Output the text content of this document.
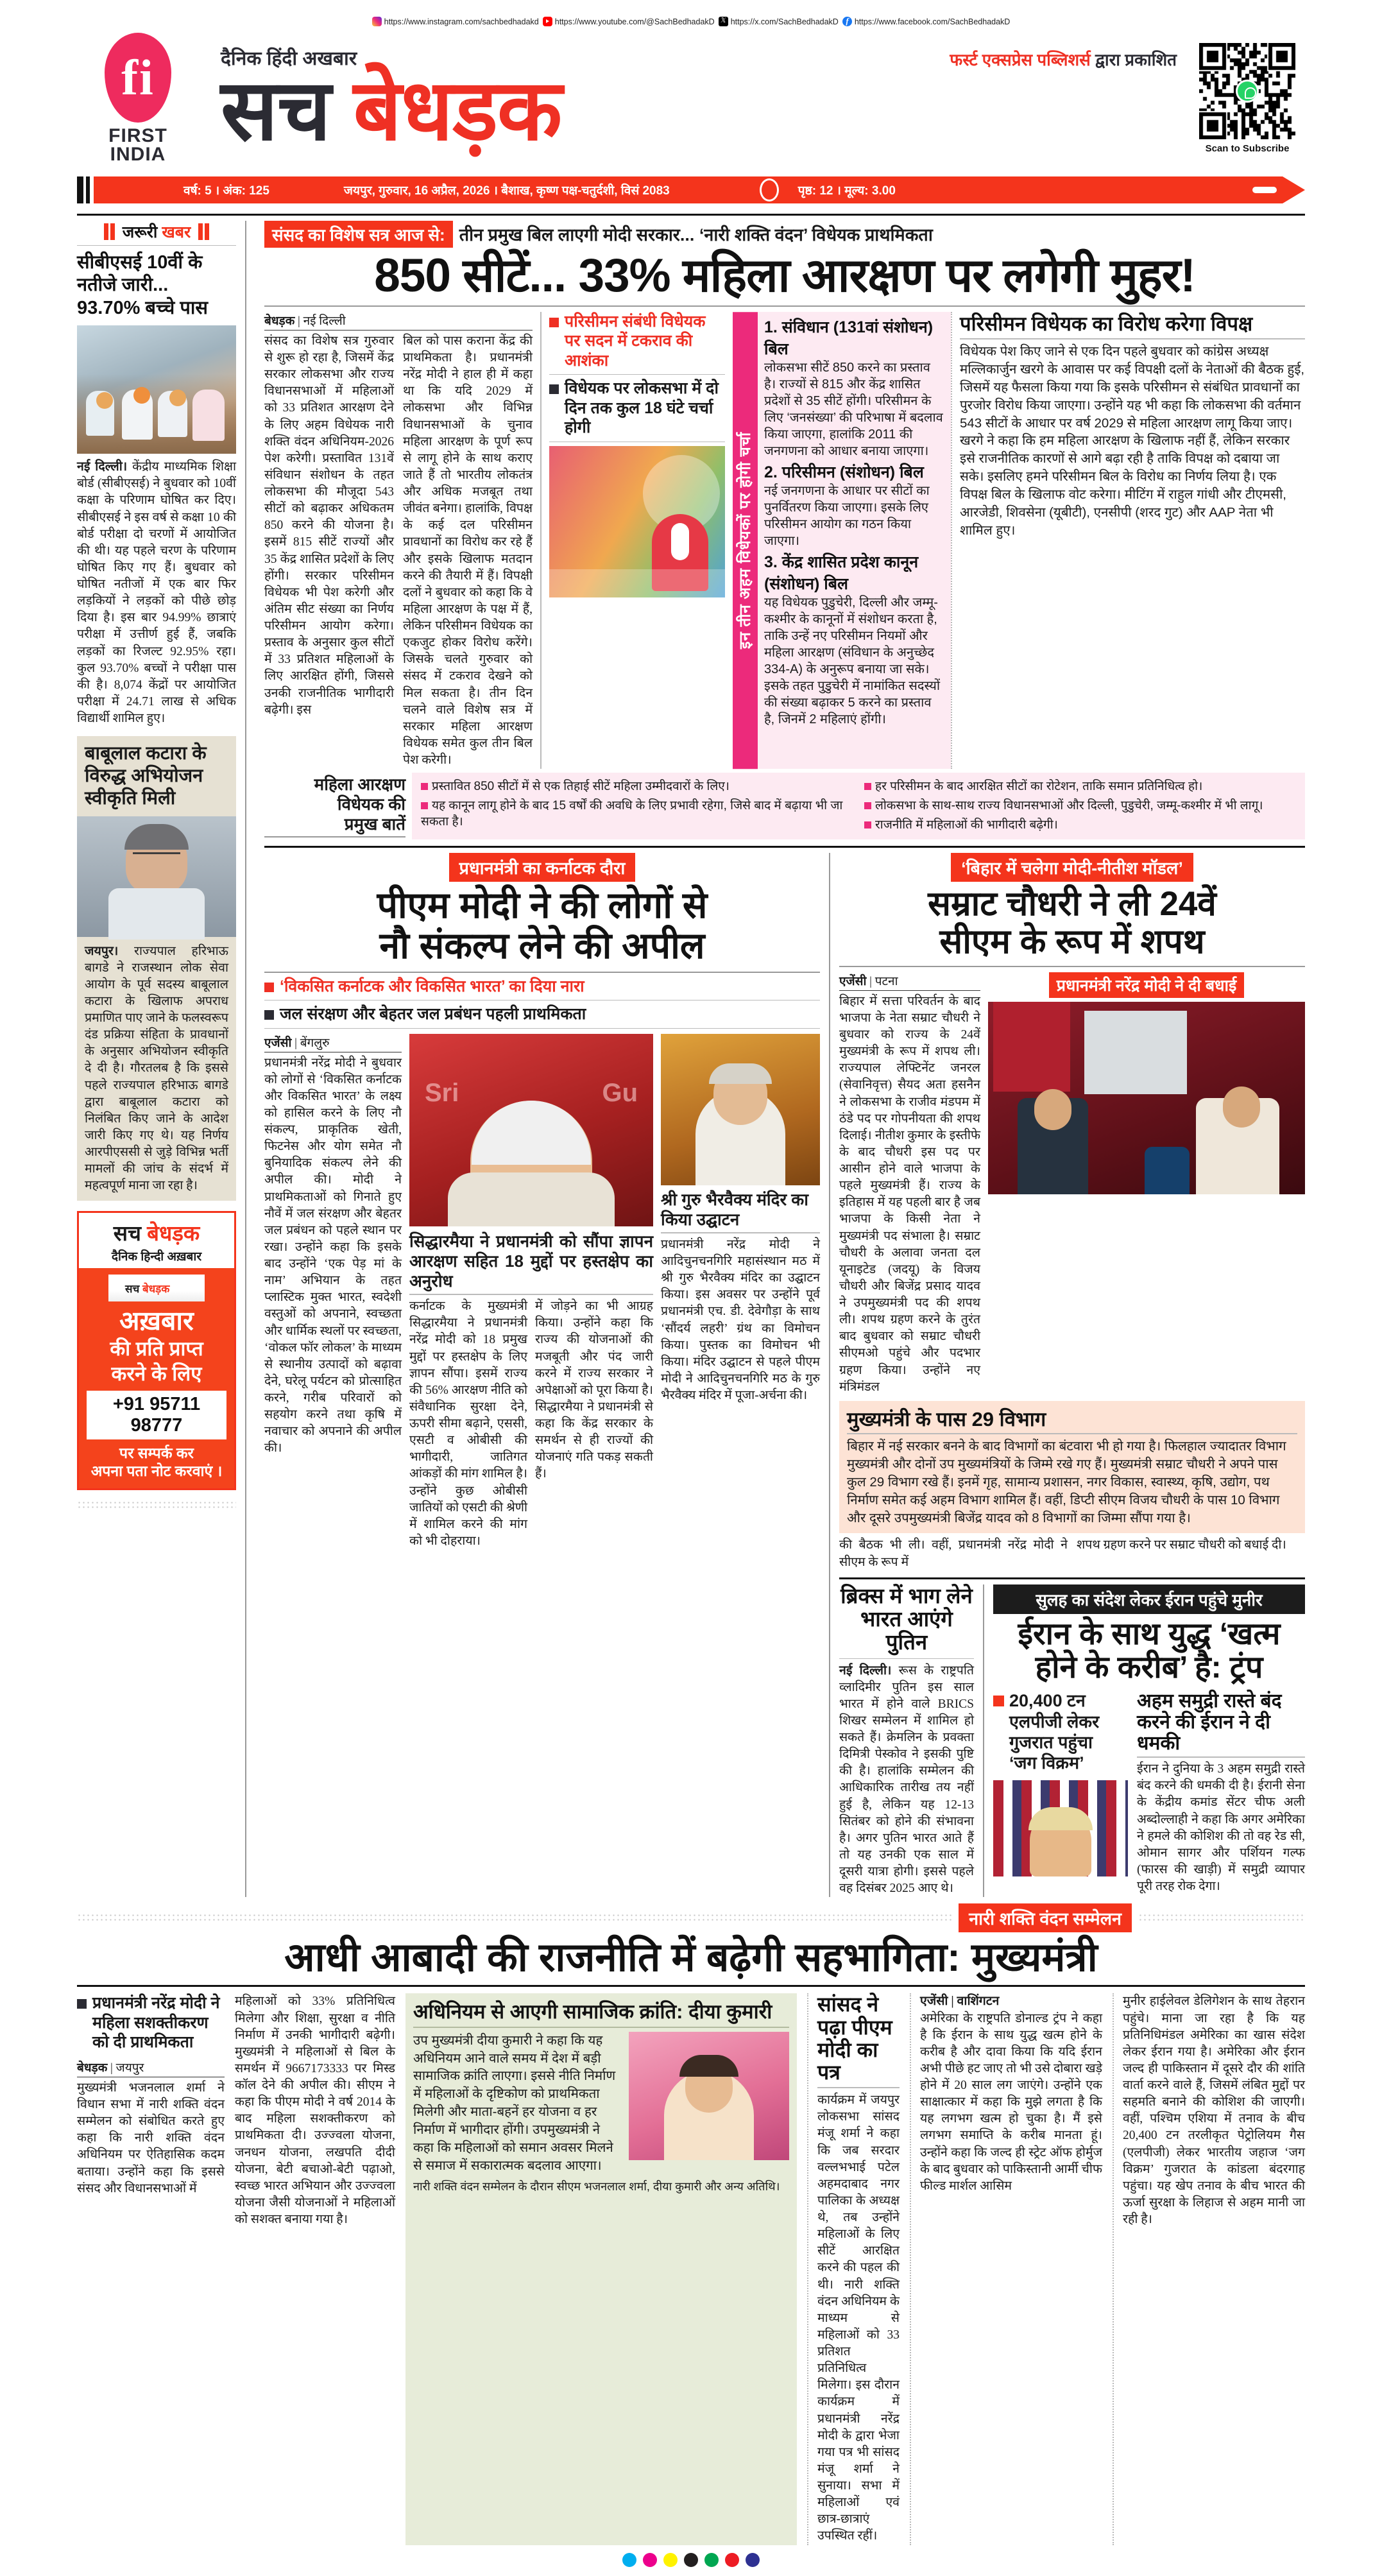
https://www.instagram.com/sachbedhadakd https://www.youtube.com/@SachBedhadakD 𝕏 https://x.com/SachBedhadakD f https://www.facebook.com/SachBedhadakD
fi
FIRST
INDIA
दैनिक हिंदी अखबार	फर्स्ट एक्सप्रेस पब्लिशर्स द्वारा प्रकाशित
सच बेधड़क	Scan to Subscribe
वर्ष: 5 । अंक: 125	जयपुर, गुरुवार, 16 अप्रैल, 2026 । बैशाख, कृष्ण पक्ष-चतुर्दशी, विसं 2083	पृष्ठ: 12 । मूल्य: 3.00
जरूरी खबर
सीबीएसई 10वीं के नतीजे जारी... 93.70% बच्चे पास
नई दिल्ली। केंद्रीय माध्यमिक शिक्षा बोर्ड (सीबीएसई) ने बुधवार को 10वीं कक्षा के परिणाम घोषित कर दिए। सीबीएसई ने इस वर्ष से कक्षा 10 की बोर्ड परीक्षा दो चरणों में आयोजित की थी। यह पहले चरण के परिणाम घोषित किए गए हैं। बुधवार को घोषित नतीजों में एक बार फिर लड़कियों ने लड़कों को पीछे छोड़ दिया है। इस बार 94.99% छात्राएं परीक्षा में उत्तीर्ण हुई हैं, जबकि लड़कों का रिजल्ट 92.95% रहा। कुल 93.70% बच्चों ने परीक्षा पास की है। 8,074 केंद्रों पर आयोजित परीक्षा में 24.71 लाख से अधिक विद्यार्थी शामिल हुए।
बाबूलाल कटारा के विरुद्ध अभियोजन स्वीकृति मिली
जयपुर। राज्यपाल हरिभाऊ बागडे ने राजस्थान लोक सेवा आयोग के पूर्व सदस्य बाबूलाल कटारा के खिलाफ अपराध प्रमाणित पाए जाने के फलस्वरूप दंड प्रक्रिया संहिता के प्रावधानों के अनुसार अभियोजन स्वीकृति दे दी है। गौरतलब है कि इससे पहले राज्यपाल हरिभाऊ बागडे द्वारा बाबूलाल कटारा को निलंबित किए जाने के आदेश जारी किए गए थे। यह निर्णय आरपीएससी से जुड़े विभिन्न भर्ती मामलों की जांच के संदर्भ में महत्वपूर्ण माना जा रहा है।
सच बेधड़क
दैनिक हिन्दी अख़बार
सच बेधड़क
अख़बार
की प्रति प्राप्त
करने के लिए
+91 95711 98777
पर सम्पर्क कर
अपना पता नोट करवाएं ।
संसद का विशेष सत्र आज से: तीन प्रमुख बिल लाएगी मोदी सरकार... ‘नारी शक्ति वंदन’ विधेयक प्राथमिकता
850 सीटें... 33% महिला आरक्षण पर लगेगी मुहर!
बेधड़क | नई दिल्ली
संसद का विशेष सत्र गुरुवार से शुरू हो रहा है, जिसमें केंद्र सरकार लोकसभा और राज्य विधानसभाओं में महिलाओं को 33 प्रतिशत आरक्षण देने के लिए अहम विधेयक नारी शक्ति वंदन अधिनियम-2026 पेश करेगी। प्रस्तावित 131वें संविधान संशोधन के तहत लोकसभा की मौजूदा 543 सीटों को बढ़ाकर अधिकतम 850 करने की योजना है। इसमें 815 सीटें राज्यों और 35 केंद्र शासित प्रदेशों के लिए होंगी। सरकार परिसीमन विधेयक भी पेश करेगी और अंतिम सीट संख्या का निर्णय परिसीमन आयोग करेगा। प्रस्ताव के अनुसार कुल सीटों में 33 प्रतिशत महिलाओं के लिए आरक्षित होंगी, जिससे उनकी राजनीतिक भागीदारी बढ़ेगी। इस
बिल को पास कराना केंद्र की प्राथमिकता है। प्रधानमंत्री नरेंद्र मोदी ने हाल ही में कहा था कि यदि 2029 में लोकसभा और विभिन्न विधानसभाओं के चुनाव महिला आरक्षण के पूर्ण रूप से लागू होने के साथ कराए जाते हैं तो भारतीय लोकतंत्र और अधिक मजबूत तथा जीवंत बनेगा। हालांकि, विपक्ष के कई दल परिसीमन प्रावधानों का विरोध कर रहे हैं और इसके खिलाफ मतदान करने की तैयारी में हैं। विपक्षी दलों ने बुधवार को कहा कि वे महिला आरक्षण के पक्ष में हैं, लेकिन परिसीमन विधेयक का एकजुट होकर विरोध करेंगे। जिसके चलते गुरुवार को संसद में टकराव देखने को मिल सकता है। तीन दिन चलने वाले विशेष सत्र में सरकार महिला आरक्षण विधेयक समेत कुल तीन बिल पेश करेगी।
परिसीमन संबंधी विधेयक पर सदन में टकराव की आशंका
विधेयक पर लोकसभा में दो दिन तक कुल 18 घंटे चर्चा होगी
इन तीन अहम विधेयकों पर होगी चर्चा
1. संविधान (131वां संशोधन) बिल
लोकसभा सीटें 850 करने का प्रस्ताव है। राज्यों से 815 और केंद्र शासित प्रदेशों से 35 सीटें होंगी। परिसीमन के लिए ‘जनसंख्या’ की परिभाषा में बदलाव किया जाएगा, हालांकि 2011 की जनगणना को आधार बनाया जाएगा।
2. परिसीमन (संशोधन) बिल
नई जनगणना के आधार पर सीटों का पुनर्वितरण किया जाएगा। इसके लिए परिसीमन आयोग का गठन किया जाएगा।
3. केंद्र शासित प्रदेश कानून (संशोधन) बिल
यह विधेयक पुडुचेरी, दिल्ली और जम्मू-कश्मीर के कानूनों में संशोधन करता है, ताकि उन्हें नए परिसीमन नियमों और महिला आरक्षण (संविधान के अनुच्छेद 334-A) के अनुरूप बनाया जा सके। इसके तहत पुडुचेरी में नामांकित सदस्यों की संख्या बढ़ाकर 5 करने का प्रस्ताव है, जिनमें 2 महिलाएं होंगी।
परिसीमन विधेयक का विरोध करेगा विपक्ष
विधेयक पेश किए जाने से एक दिन पहले बुधवार को कांग्रेस अध्यक्ष मल्लिकार्जुन खरगे के आवास पर कई विपक्षी दलों के नेताओं की बैठक हुई, जिसमें यह फैसला किया गया कि इसके परिसीमन से संबंधित प्रावधानों का पुरजोर विरोध किया जाएगा। उन्होंने यह भी कहा कि लोकसभा की वर्तमान 543 सीटों के आधार पर वर्ष 2029 से महिला आरक्षण लागू किया जाए। खरगे ने कहा कि हम महिला आरक्षण के खिलाफ नहीं हैं, लेकिन सरकार इसे राजनीतिक कारणों से आगे बढ़ा रही है ताकि विपक्ष को दबाया जा सके। इसलिए हमने परिसीमन बिल के विरोध का निर्णय लिया है। एक विपक्ष बिल के खिलाफ वोट करेगा। मीटिंग में राहुल गांधी और टीएमसी, आरजेडी, शिवसेना (यूबीटी), एनसीपी (शरद गुट) और AAP नेता भी शामिल हुए।
महिला आरक्षण
विधेयक की
प्रमुख बातें
प्रस्तावित 850 सीटों में से एक तिहाई सीटें महिला उम्मीदवारों के लिए।
यह कानून लागू होने के बाद 15 वर्षों की अवधि के लिए प्रभावी रहेगा, जिसे बाद में बढ़ाया भी जा सकता है।
हर परिसीमन के बाद आरक्षित सीटों का रोटेशन, ताकि समान प्रतिनिधित्व हो।
लोकसभा के साथ-साथ राज्य विधानसभाओं और दिल्ली, पुडुचेरी, जम्मू-कश्मीर में भी लागू।
राजनीति में महिलाओं की भागीदारी बढ़ेगी।
प्रधानमंत्री का कर्नाटक दौरा
पीएम मोदी ने की लोगों से
नौ संकल्प लेने की अपील
‘विकसित कर्नाटक और विकसित भारत’ का दिया नारा
जल संरक्षण और बेहतर जल प्रबंधन पहली प्राथमिकता
एजेंसी | बेंगलुरु
प्रधानमंत्री नरेंद्र मोदी ने बुधवार को लोगों से ‘विकसित कर्नाटक और विकसित भारत’ के लक्ष्य को हासिल करने के लिए नौ संकल्प, प्राकृतिक खेती, फिटनेस और योग समेत नौ बुनियादिक संकल्प लेने की अपील की। मोदी ने प्राथमिकताओं को गिनाते हुए नौवें में जल संरक्षण और बेहतर जल प्रबंधन को पहले स्थान पर रखा। उन्होंने कहा कि इसके बाद उन्होंने ‘एक पेड़ मां के नाम’ अभियान के तहत प्लास्टिक मुक्त भारत, स्वदेशी वस्तुओं को अपनाने, स्वच्छता और धार्मिक स्थलों पर स्वच्छता, ‘वोकल फॉर लोकल’ के माध्यम से स्थानीय उत्पादों को बढ़ावा देने, घरेलू पर्यटन को प्रोत्साहित करने, गरीब परिवारों को सहयोग करने तथा कृषि में नवाचार को अपनाने की अपील की।
Sri	Gu
सिद्धारमैया ने प्रधानमंत्री को सौंपा ज्ञापन आरक्षण सहित 18 मुद्दों पर हस्तक्षेप का अनुरोध
कर्नाटक के मुख्यमंत्री सिद्धारमैया ने प्रधानमंत्री नरेंद्र मोदी को 18 प्रमुख मुद्दों पर हस्तक्षेप के लिए ज्ञापन सौंपा। इसमें राज्य की 56% आरक्षण नीति को संवैधानिक सुरक्षा देने, ऊपरी सीमा बढ़ाने, एससी, एसटी व ओबीसी की भागीदारी, जातिगत आंकड़ों की मांग शामिल है। उन्होंने कुछ ओबीसी जातियों को एसटी की श्रेणी में शामिल करने की मांग को भी दोहराया।
में जोड़ने का भी आग्रह किया। उन्होंने कहा कि राज्य की योजनाओं की मजबूती और पंद जारी करने में राज्य सरकार ने अपेक्षाओं को पूरा किया है। सिद्धारमैया ने प्रधानमंत्री से कहा कि केंद्र सरकार के समर्थन से ही राज्यों की योजनाएं गति पकड़ सकती हैं।
श्री गुरु भैरवैक्य मंदिर का किया उद्घाटन
प्रधानमंत्री नरेंद्र मोदी ने आदिचुनचनगिरि महासंस्थान मठ में श्री गुरु भैरवैक्य मंदिर का उद्घाटन किया। इस अवसर पर उन्होंने पूर्व प्रधानमंत्री एच. डी. देवेगौड़ा के साथ ‘सौंदर्य लहरी’ ग्रंथ का विमोचन किया। पुस्तक का विमोचन भी किया। मंदिर उद्घाटन से पहले पीएम मोदी ने आदिचुनचनगिरि मठ के गुरु भैरवैक्य मंदिर में पूजा-अर्चना की।
‘बिहार में चलेगा मोदी-नीतीश मॉडल’
सम्राट चौधरी ने ली 24वें
सीएम के रूप में शपथ
एजेंसी | पटना
बिहार में सत्ता परिवर्तन के बाद भाजपा के नेता सम्राट चौधरी ने बुधवार को राज्य के 24वें मुख्यमंत्री के रूप में शपथ ली। राज्यपाल लेफ्टिनेंट जनरल (सेवानिवृत्त) सैयद अता हसनैन ने लोकसभा के राजीव मंडपम में ठंडे पद पर गोपनीयता की शपथ दिलाई। नीतीश कुमार के इस्तीफे के बाद चौधरी इस पद पर आसीन होने वाले भाजपा के पहले मुख्यमंत्री हैं। राज्य के इतिहास में यह पहली बार है जब भाजपा के किसी नेता ने मुख्यमंत्री पद संभाला है। सम्राट चौधरी के अलावा जनता दल यूनाइटेड (जदयू) के विजय चौधरी और बिजेंद्र प्रसाद यादव ने उपमुख्यमंत्री पद की शपथ ली। शपथ ग्रहण करने के तुरंत बाद बुधवार को सम्राट चौधरी सीएमओ पहुंचे और पदभार ग्रहण किया। उन्होंने नए मंत्रिमंडल
प्रधानमंत्री नरेंद्र मोदी ने दी बधाई
मुख्यमंत्री के पास 29 विभाग
बिहार में नई सरकार बनने के बाद विभागों का बंटवारा भी हो गया है। फिलहाल ज्यादातर विभाग मुख्यमंत्री और दोनों उप मुख्यमंत्रियों के जिम्मे रखे गए हैं। मुख्यमंत्री सम्राट चौधरी ने अपने पास कुल 29 विभाग रखे हैं। इनमें गृह, सामान्य प्रशासन, नगर विकास, स्वास्थ्य, कृषि, उद्योग, पथ निर्माण समेत कई अहम विभाग शामिल हैं। वहीं, डिप्टी सीएम विजय चौधरी के पास 10 विभाग और दूसरे उपमुख्यमंत्री बिजेंद्र यादव को 8 विभागों का जिम्मा सौंपा गया है।
की बैठक भी ली। वहीं, प्रधानमंत्री नरेंद्र मोदी ने सीएम के रूप में
शपथ ग्रहण करने पर सम्राट चौधरी को बधाई दी।
ब्रिक्स में भाग लेने भारत आएंगे पुतिन
नई दिल्ली। रूस के राष्ट्रपति व्लादिमीर पुतिन इस साल भारत में होने वाले BRICS शिखर सम्मेलन में शामिल हो सकते हैं। क्रेमलिन के प्रवक्ता दिमित्री पेस्कोव ने इसकी पुष्टि की है। हालांकि सम्मेलन की आधिकारिक तारीख तय नहीं हुई है, लेकिन यह 12-13 सितंबर को होने की संभावना है। अगर पुतिन भारत आते हैं तो यह उनकी एक साल में दूसरी यात्रा होगी। इससे पहले वह दिसंबर 2025 आए थे।
सुलह का संदेश लेकर ईरान पहुंचे मुनीर
ईरान के साथ युद्ध ‘खत्म
होने के करीब’ है: ट्रंप
20,400 टन
एलपीजी लेकर
गुजरात पहुंचा
‘जग विक्रम’
अहम समुद्री रास्ते बंद करने की ईरान ने दी धमकी
ईरान ने दुनिया के 3 अहम समुद्री रास्ते बंद करने की धमकी दी है। ईरानी सेना के केंद्रीय कमांड सेंटर चीफ अली अब्दोल्लाही ने कहा कि अगर अमेरिका ने हमले की कोशिश की तो वह रेड सी, ओमान सागर और पर्शियन गल्फ (फारस की खाड़ी) में समुद्री व्यापार पूरी तरह रोक देगा।
नारी शक्ति वंदन सम्मेलन
आधी आबादी की राजनीति में बढ़ेगी सहभागिता: मुख्यमंत्री
प्रधानमंत्री नरेंद्र मोदी ने महिला सशक्तीकरण को दी प्राथमिकता
बेधड़क | जयपुर
मुख्यमंत्री भजनलाल शर्मा ने विधान सभा में नारी शक्ति वंदन सम्मेलन को संबोधित करते हुए कहा कि नारी शक्ति वंदन अधिनियम पर ऐतिहासिक कदम बताया। उन्होंने कहा कि इससे संसद और विधानसभाओं में
महिलाओं को 33% प्रतिनिधित्व मिलेगा और शिक्षा, सुरक्षा व नीति निर्माण में उनकी भागीदारी बढ़ेगी। मुख्यमंत्री ने महिलाओं से बिल के समर्थन में 9667173333 पर मिस्ड कॉल देने की अपील की। सीएम ने कहा कि पीएम मोदी ने वर्ष 2014 के बाद महिला सशक्तीकरण को प्राथमिकता दी। उज्ज्वला योजना, जनधन योजना, लखपति दीदी योजना, बेटी बचाओ-बेटी पढ़ाओ, स्वच्छ भारत अभियान और उज्ज्वला योजना जैसी योजनाओं ने महिलाओं को सशक्त बनाया गया है।
अधिनियम से आएगी सामाजिक क्रांति: दीया कुमारी
उप मुख्यमंत्री दीया कुमारी ने कहा कि यह अधिनियम आने वाले समय में देश में बड़ी सामाजिक क्रांति लाएगा। इससे नीति निर्माण में महिलाओं के दृष्टिकोण को प्राथमिकता मिलेगी और माता-बहनें हर योजना व हर निर्माण में भागीदार होंगी। उपमुख्यमंत्री ने कहा कि महिलाओं को समान अवसर मिलने से समाज में सकारात्मक बदलाव आएगा।
नारी शक्ति वंदन सम्मेलन के दौरान सीएम भजनलाल शर्मा, दीया कुमारी और अन्य अतिथि।
सांसद ने पढ़ा पीएम मोदी का पत्र
कार्यक्रम में जयपुर लोकसभा सांसद मंजू शर्मा ने कहा कि जब सरदार वल्लभभाई पटेल अहमदाबाद नगर पालिका के अध्यक्ष थे, तब उन्होंने महिलाओं के लिए सीटें आरक्षित करने की पहल की थी। नारी शक्ति वंदन अधिनियम के माध्यम से महिलाओं को 33 प्रतिशत प्रतिनिधित्व मिलेगा। इस दौरान कार्यक्रम में प्रधानमंत्री नरेंद्र मोदी के द्वारा भेजा गया पत्र भी सांसद मंजू शर्मा ने सुनाया। सभा में महिलाओं एवं छात्र-छात्राएं उपस्थित रहीं।
एजेंसी | वाशिंगटन
अमेरिका के राष्ट्रपति डोनाल्ड ट्रंप ने कहा है कि ईरान के साथ युद्ध खत्म होने के करीब है और दावा किया कि यदि ईरान अभी पीछे हट जाए तो भी उसे दोबारा खड़े होने में 20 साल लग जाएंगे। उन्होंने एक साक्षात्कार में कहा कि मुझे लगता है कि यह लगभग खत्म हो चुका है। मैं इसे लगभग समाप्ति के करीब मानता हूं। उन्होंने कहा कि जल्द ही स्ट्रेट ऑफ होर्मुज के बाद बुधवार को पाकिस्तानी आर्मी चीफ फील्ड मार्शल आसिम
मुनीर हाईलेवल डेलिगेशन के साथ तेहरान पहुंचे। माना जा रहा है कि यह प्रतिनिधिमंडल अमेरिका का खास संदेश लेकर ईरान गया है। अमेरिका और ईरान जल्द ही पाकिस्तान में दूसरे दौर की शांति वार्ता करने वाले हैं, जिसमें लंबित मुद्दों पर सहमति बनाने की कोशिश की जाएगी। वहीं, पश्चिम एशिया में तनाव के बीच 20,400 टन तरलीकृत पेट्रोलियम गैस (एलपीजी) लेकर भारतीय जहाज ‘जग विक्रम’ गुजरात के कांडला बंदरगाह पहुंचा। यह खेप तनाव के बीच भारत की ऊर्जा सुरक्षा के लिहाज से अहम मानी जा रही है।
